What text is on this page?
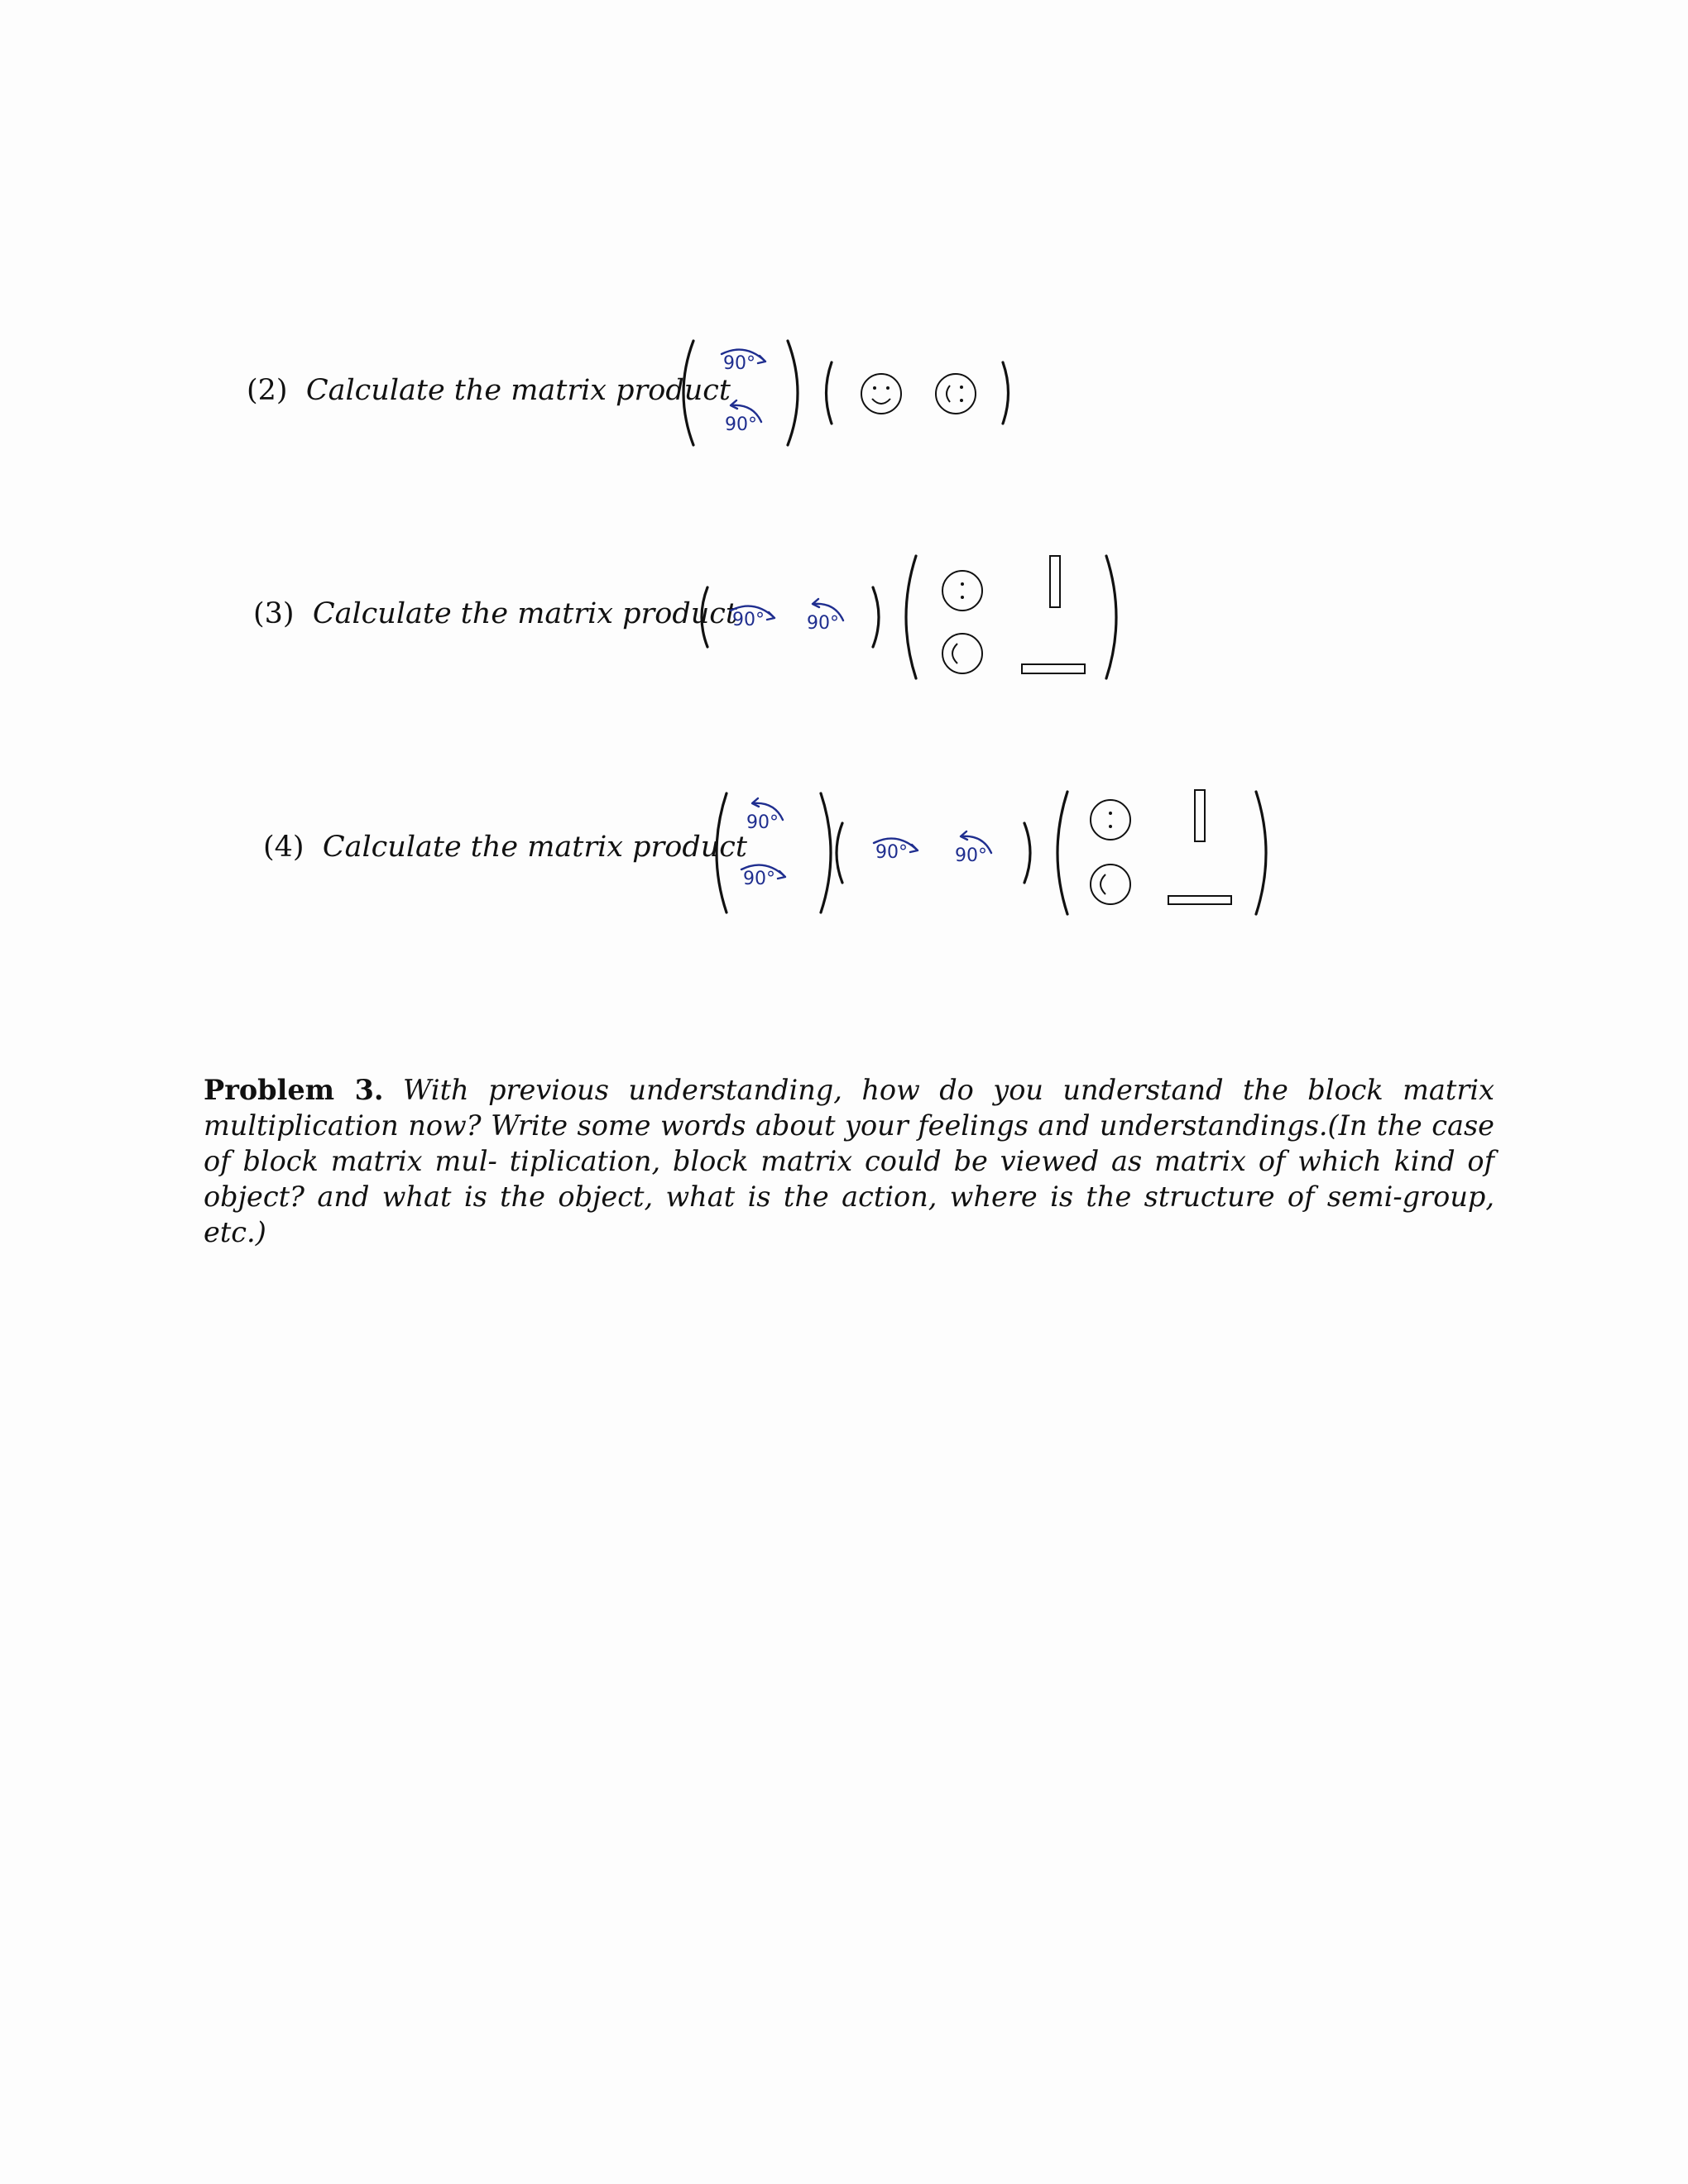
(2) Calculate the matrix product
90°
90°
(3) Calculate the matrix product
90° 90°
(4) Calculate the matrix product
90°
90°
90°	90°
Problem 3. With previous understanding, how do you understand the block matrix multiplication now? Write some words about your feelings and understandings.(In the case of block matrix mul- tiplication, block matrix could be viewed as matrix of which kind of object? and what is the object, what is the action, where is the structure of semi-group, etc.)
